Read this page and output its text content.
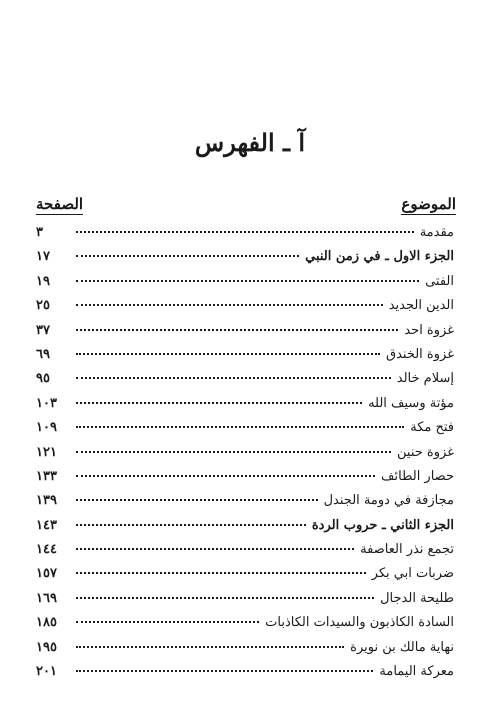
آ ـ الفهرس
الموضوع
الصفحة
مقدمة
٣
الجزء الاول ـ في زمن النبي
١٧
الفتى
١٩
الدين الجديد
٢٥
غزوة احد
٣٧
غزوة الخندق
٦٩
إسلام خالد
٩٥
مؤتة وسيف الله
١٠٣
فتح مكة
١٠٩
غزوة حنين
١٢١
حصار الطائف
١٣٣
مجازفة في دومة الجندل
١٣٩
الجزء الثاني ـ حروب الردة
١٤٣
تجمع نذر العاصفة
١٤٤
ضربات ابي بكر
١٥٧
طليحة الدجال
١٦٩
السادة الكاذبون والسيدات الكاذبات
١٨٥
نهاية مالك بن نويرة
١٩٥
معركة اليمامة
٢٠١
